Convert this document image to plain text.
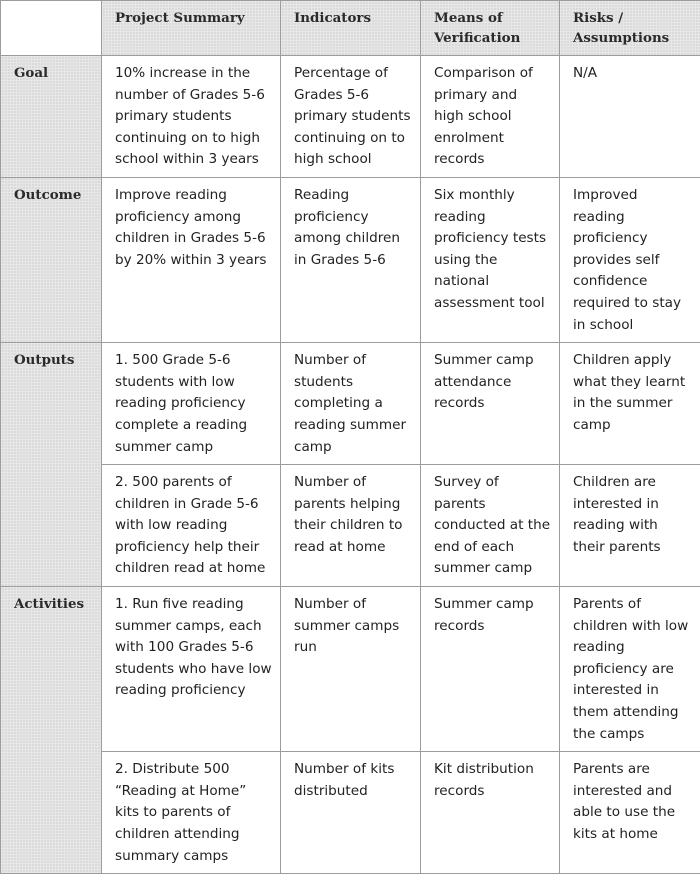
	Project Summary	Indicators	Means of Verification	Risks / Assumptions
Goal	10% increase in the number of Grades 5-6 primary students continuing on to high school within 3 years	Percentage of Grades 5-6 primary students continuing on to high school	Comparison of primary and high school enrolment records	N/A
Outcome	Improve reading proficiency among children in Grades 5-6 by 20% within 3 years	Reading proficiency among children in Grades 5-6	Six monthly reading proficiency tests using the national assessment tool	Improved reading proficiency provides self confidence required to stay in school
Outputs	1. 500 Grade 5-6 students with low reading proficiency complete a reading summer camp	Number of students completing a reading summer camp	Summer camp attendance records	Children apply what they learnt in the summer camp
	2. 500 parents of children in Grade 5-6 with low reading proficiency help their children read at home	Number of parents helping their children to read at home	Survey of parents conducted at the end of each summer camp	Children are interested in reading with their parents
Activities	1. Run five reading summer camps, each with 100 Grades 5-6 students who have low reading proficiency	Number of summer camps run	Summer camp records	Parents of children with low reading proficiency are interested in them attending the camps
	2. Distribute 500 “Reading at Home” kits to parents of children attending summary camps	Number of kits distributed	Kit distribution records	Parents are interested and able to use the kits at home
